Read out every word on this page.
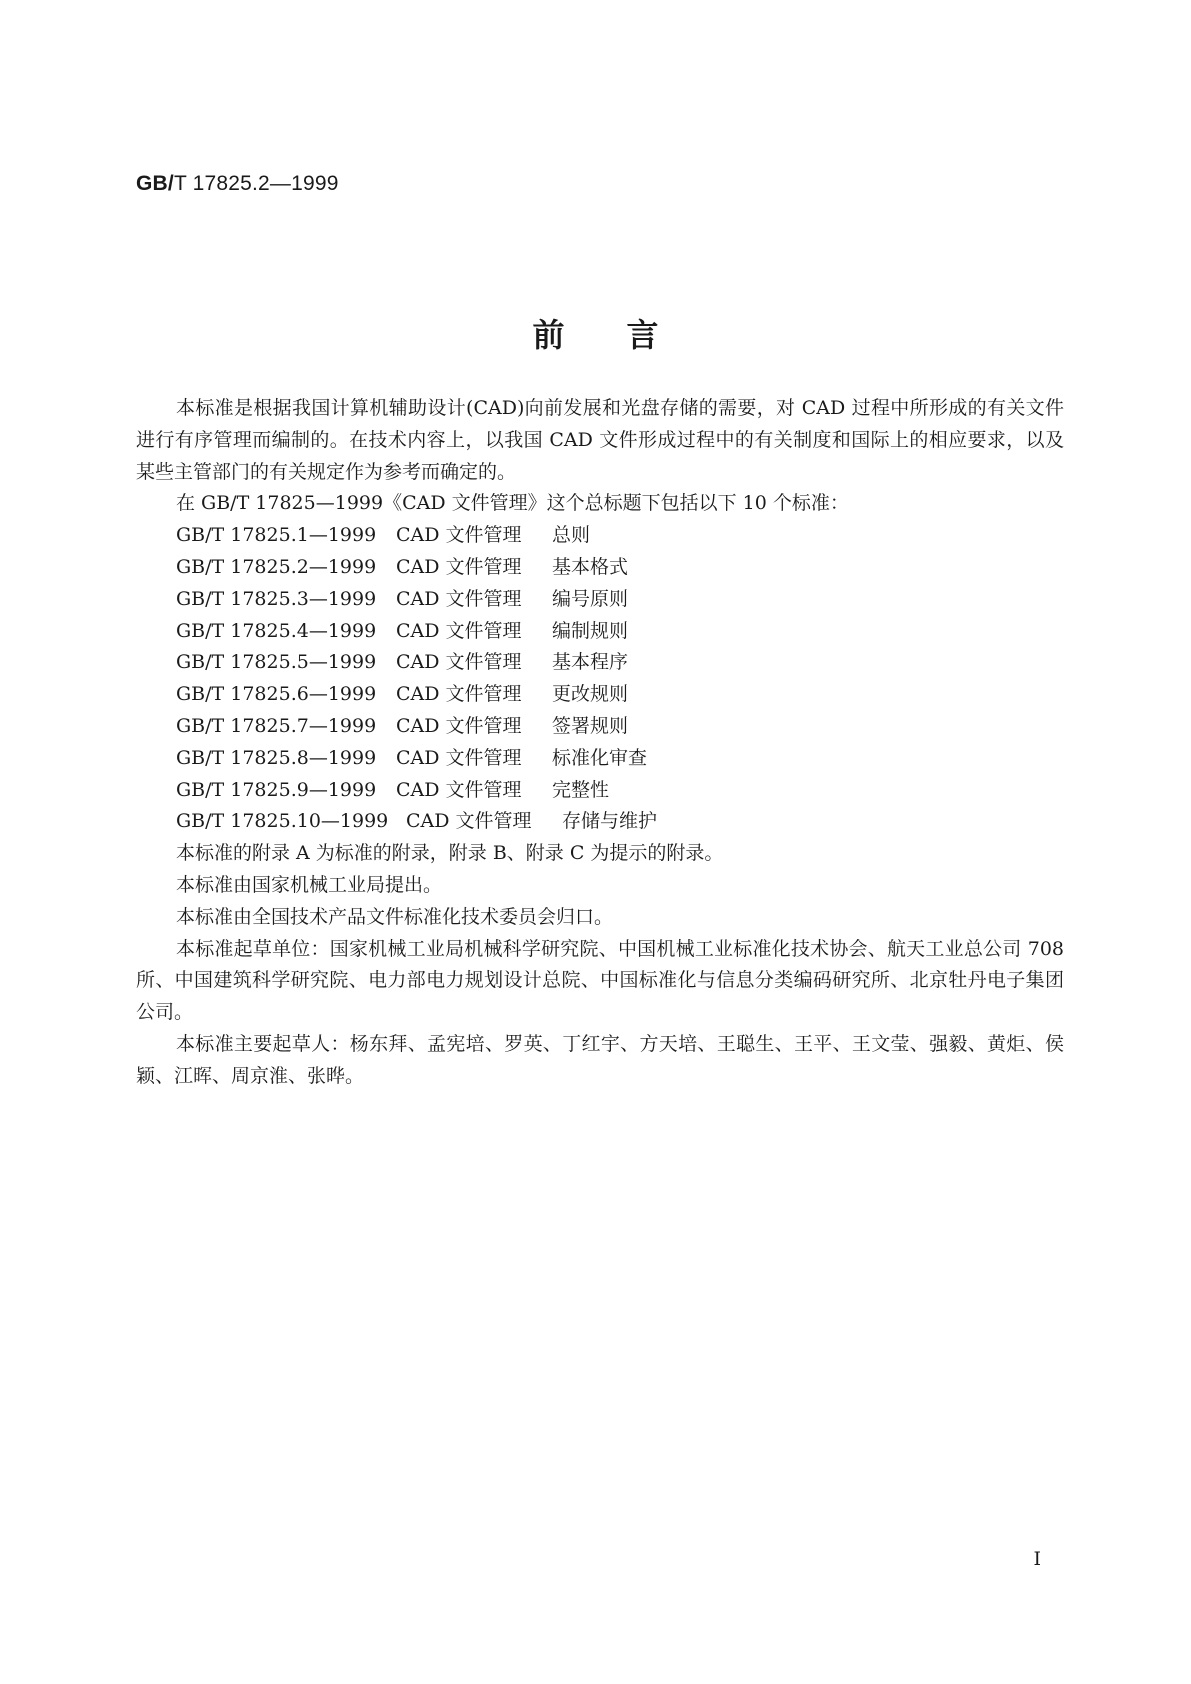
GB/T 17825.2—1999
前言

本标准是根据我国计算机辅助设计(CAD)向前发展和光盘存储的需要，对 CAD 过程中所形成的有关文件进行有序管理而编制的。在技术内容上，以我国 CAD 文件形成过程中的有关制度和国际上的相应要求，以及某些主管部门的有关规定作为参考而确定的。

在 GB/T 17825—1999《CAD 文件管理》这个总标题下包括以下 10 个标准：

GB/T 17825.1—1999 CAD 文件管理 总则
GB/T 17825.2—1999 CAD 文件管理 基本格式
GB/T 17825.3—1999 CAD 文件管理 编号原则
GB/T 17825.4—1999 CAD 文件管理 编制规则
GB/T 17825.5—1999 CAD 文件管理 基本程序
GB/T 17825.6—1999 CAD 文件管理 更改规则
GB/T 17825.7—1999 CAD 文件管理 签署规则
GB/T 17825.8—1999 CAD 文件管理 标准化审查
GB/T 17825.9—1999 CAD 文件管理 完整性
GB/T 17825.10—1999 CAD 文件管理 存储与维护

本标准的附录 A 为标准的附录，附录 B、附录 C 为提示的附录。

本标准由国家机械工业局提出。

本标准由全国技术产品文件标准化技术委员会归口。

本标准起草单位：国家机械工业局机械科学研究院、中国机械工业标准化技术协会、航天工业总公司 708 所、中国建筑科学研究院、电力部电力规划设计总院、中国标准化与信息分类编码研究所、北京牡丹电子集团公司。

本标准主要起草人：杨东拜、孟宪培、罗英、丁红宇、方天培、王聪生、王平、王文莹、强毅、黄炬、侯颖、江晖、周京淮、张晔。

I
